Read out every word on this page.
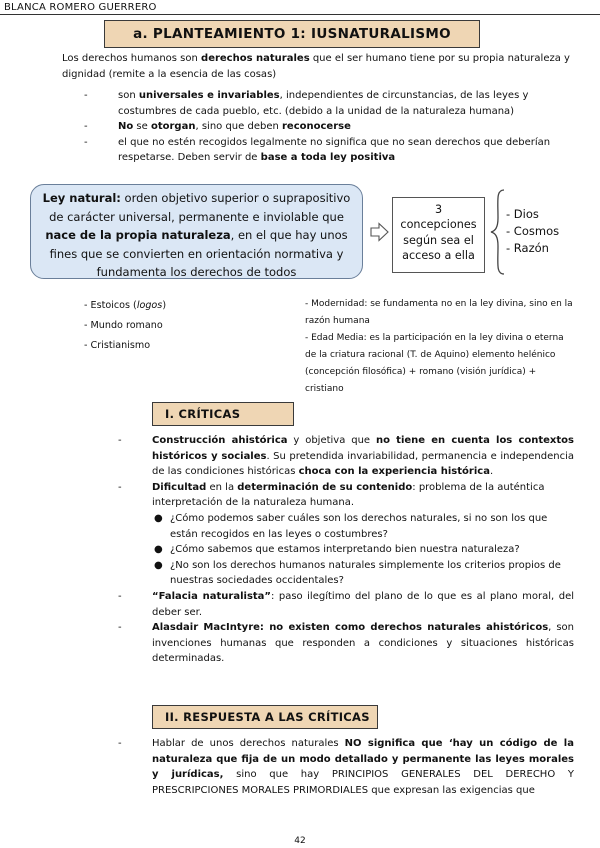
BLANCA ROMERO GUERRERO
a. PLANTEAMIENTO 1: IUSNATURALISMO
Los derechos humanos son derechos naturales que el ser humano tiene por su propia naturaleza y dignidad (remite a la esencia de las cosas)
-	son universales e invariables, independientes de circunstancias, de las leyes y costumbres de cada pueblo, etc. (debido a la unidad de la naturaleza humana)
-	No se otorgan, sino que deben reconocerse
-	el que no estén recogidos legalmente no significa que no sean derechos que deberían respetarse. Deben servir de base a toda ley positiva
Ley natural: orden objetivo superior o suprapositivo de carácter universal, permanente e inviolable que nace de la propia naturaleza, en el que hay unos fines que se convierten en orientación normativa y fundamenta los derechos de todos
3
concepciones según sea el acceso a ella
- Dios
- Cosmos
- Razón
- Estoicos (logos)
- Mundo romano
- Cristianismo
- Modernidad: se fundamenta no en la ley divina, sino en la razón humana
- Edad Media: es la participación en la ley divina o eterna de la criatura racional (T. de Aquino) elemento helénico (concepción filosófica) + romano (visión jurídica) + cristiano
I. CRÍTICAS
-	Construcción ahistórica y objetiva que no tiene en cuenta los contextos históricos y sociales. Su pretendida invariabilidad, permanencia e independencia de las condiciones históricas choca con la experiencia histórica.
-	Dificultad en la determinación de su contenido: problema de la auténtica interpretación de la naturaleza humana.
● ¿Cómo podemos saber cuáles son los derechos naturales, si no son los que están recogidos en las leyes o costumbres?
● ¿Cómo sabemos que estamos interpretando bien nuestra naturaleza?
● ¿No son los derechos humanos naturales simplemente los criterios propios de nuestras sociedades occidentales?
-	“Falacia naturalista”: paso ilegítimo del plano de lo que es al plano moral, del deber ser.
-	Alasdair MacIntyre: no existen como derechos naturales ahistóricos, son invenciones humanas que responden a condiciones y situaciones históricas determinadas.
II. RESPUESTA A LAS CRÍTICAS
-	Hablar de unos derechos naturales NO significa que ‘hay un código de la naturaleza que fija de un modo detallado y permanente las leyes morales y jurídicas, sino que hay PRINCIPIOS GENERALES DEL DERECHO Y PRESCRIPCIONES MORALES PRIMORDIALES que expresan las exigencias que
42
